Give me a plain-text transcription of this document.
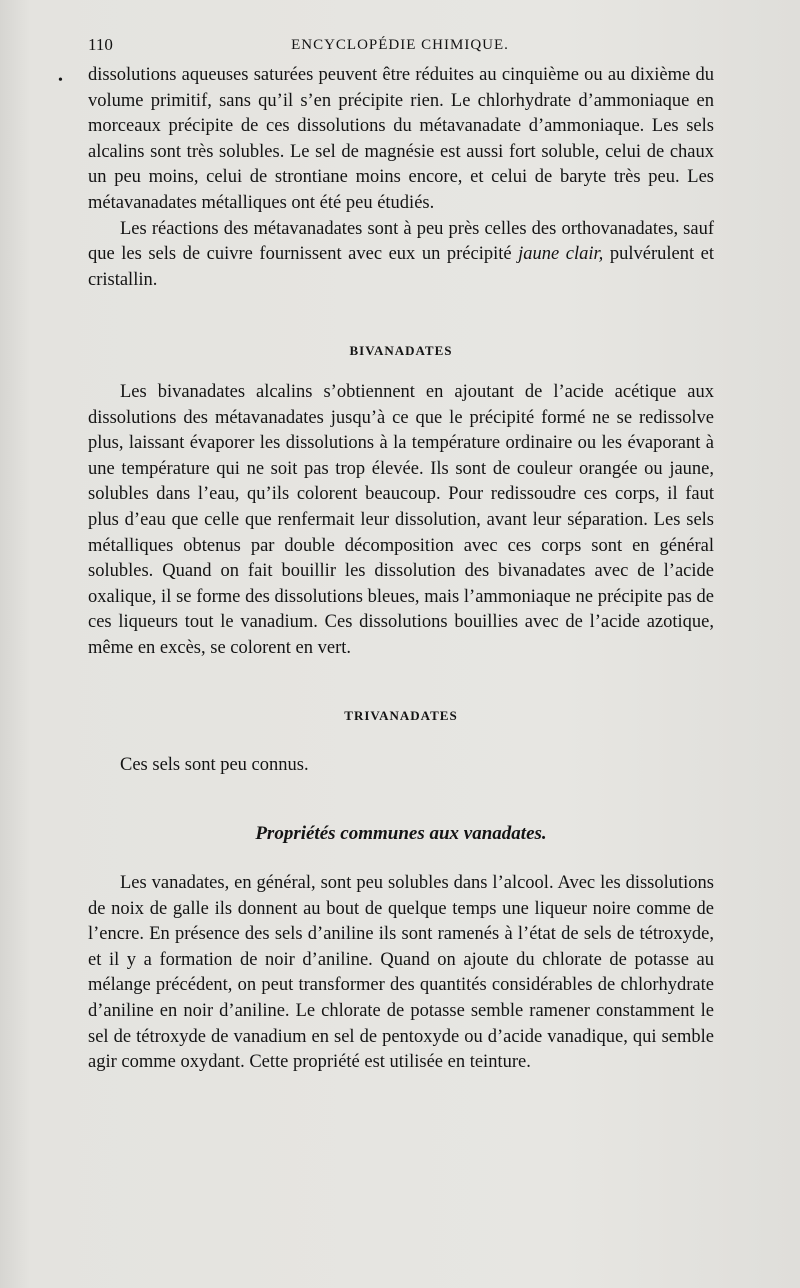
110	ENCYCLOPÉDIE CHIMIQUE.
• dissolutions aqueuses saturées peuvent être réduites au cinquième ou au dixième du volume primitif, sans qu’il s’en précipite rien. Le chlorhydrate d’ammoniaque en morceaux précipite de ces dissolutions du métavanadate d’ammoniaque. Les sels alcalins sont très solubles. Le sel de magnésie est aussi fort soluble, celui de chaux un peu moins, celui de strontiane moins encore, et celui de baryte très peu. Les métavanadates métalliques ont été peu étudiés.

Les réactions des métavanadates sont à peu près celles des orthovanadates, sauf que les sels de cuivre fournissent avec eux un précipité jaune clair, pulvérulent et cristallin.

BIVANADATES

Les bivanadates alcalins s’obtiennent en ajoutant de l’acide acétique aux dissolutions des métavanadates jusqu’à ce que le précipité formé ne se redissolve plus, laissant évaporer les dissolutions à la température ordinaire ou les évaporant à une température qui ne soit pas trop élevée. Ils sont de couleur orangée ou jaune, solubles dans l’eau, qu’ils colorent beaucoup. Pour redissoudre ces corps, il faut plus d’eau que celle que renfermait leur dissolution, avant leur séparation. Les sels métalliques obtenus par double décomposition avec ces corps sont en général solubles. Quand on fait bouillir les dissolution des bivanadates avec de l’acide oxalique, il se forme des dissolutions bleues, mais l’ammoniaque ne précipite pas de ces liqueurs tout le vanadium. Ces dissolutions bouillies avec de l’acide azotique, même en excès, se colorent en vert.

TRIVANADATES

Ces sels sont peu connus.

Propriétés communes aux vanadates.

Les vanadates, en général, sont peu solubles dans l’alcool. Avec les dissolutions de noix de galle ils donnent au bout de quelque temps une liqueur noire comme de l’encre. En présence des sels d’aniline ils sont ramenés à l’état de sels de tétroxyde, et il y a formation de noir d’aniline. Quand on ajoute du chlorate de potasse au mélange précédent, on peut transformer des quantités considérables de chlorhydrate d’aniline en noir d’aniline. Le chlorate de potasse semble ramener constamment le sel de tétroxyde de vanadium en sel de pentoxyde ou d’acide vanadique, qui semble agir comme oxydant. Cette propriété est utilisée en teinture.
